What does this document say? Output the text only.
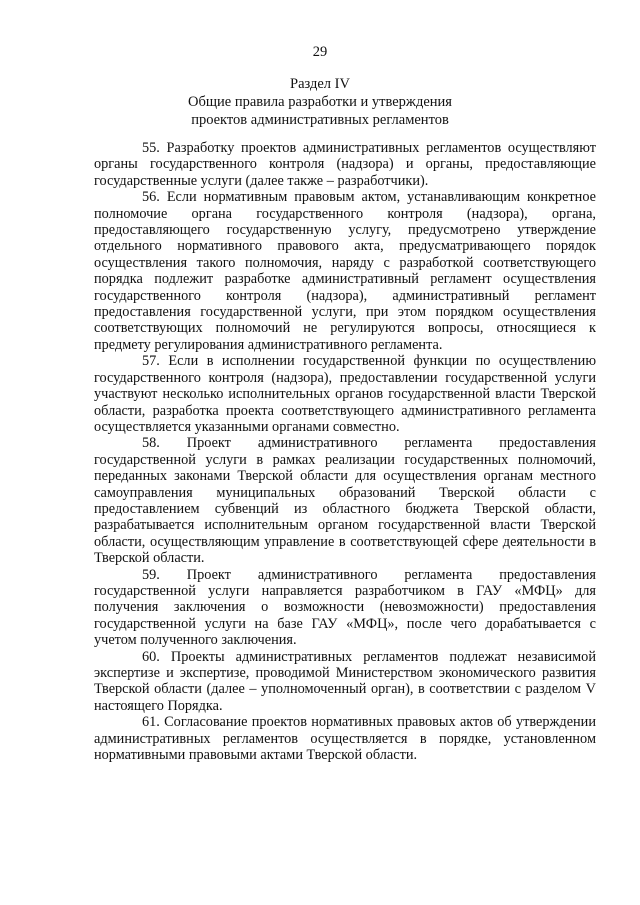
29
Раздел IV
Общие правила разработки и утверждения
проектов административных регламентов

55. Разработку проектов административных регламентов осуществляют органы государственного контроля (надзора) и органы, предоставляющие государственные услуги (далее также – разработчики).

56. Если нормативным правовым актом, устанавливающим конкретное полномочие органа государственного контроля (надзора), органа, предоставляющего государственную услугу, предусмотрено утверждение отдельного нормативного правового акта, предусматривающего порядок осуществления такого полномочия, наряду с разработкой соответствующего порядка подлежит разработке административный регламент осуществления государственного контроля (надзора), административный регламент предоставления государственной услуги, при этом порядком осуществления соответствующих полномочий не регулируются вопросы, относящиеся к предмету регулирования административного регламента.

57. Если в исполнении государственной функции по осуществлению государственного контроля (надзора), предоставлении государственной услуги участвуют несколько исполнительных органов государственной власти Тверской области, разработка проекта соответствующего административного регламента осуществляется указанными органами совместно.

58. Проект административного регламента предоставления государственной услуги в рамках реализации государственных полномочий, переданных законами Тверской области для осуществления органам местного самоуправления муниципальных образований Тверской области с предоставлением субвенций из областного бюджета Тверской области, разрабатывается исполнительным органом государственной власти Тверской области, осуществляющим управление в соответствующей сфере деятельности в Тверской области.

59. Проект административного регламента предоставления государственной услуги направляется разработчиком в ГАУ «МФЦ» для получения заключения о возможности (невозможности) предоставления государственной услуги на базе ГАУ «МФЦ», после чего дорабатывается с учетом полученного заключения.

60. Проекты административных регламентов подлежат независимой экспертизе и экспертизе, проводимой Министерством экономического развития Тверской области (далее – уполномоченный орган), в соответствии с разделом V настоящего Порядка.

61. Согласование проектов нормативных правовых актов об утверждении административных регламентов осуществляется в порядке, установленном нормативными правовыми актами Тверской области.
